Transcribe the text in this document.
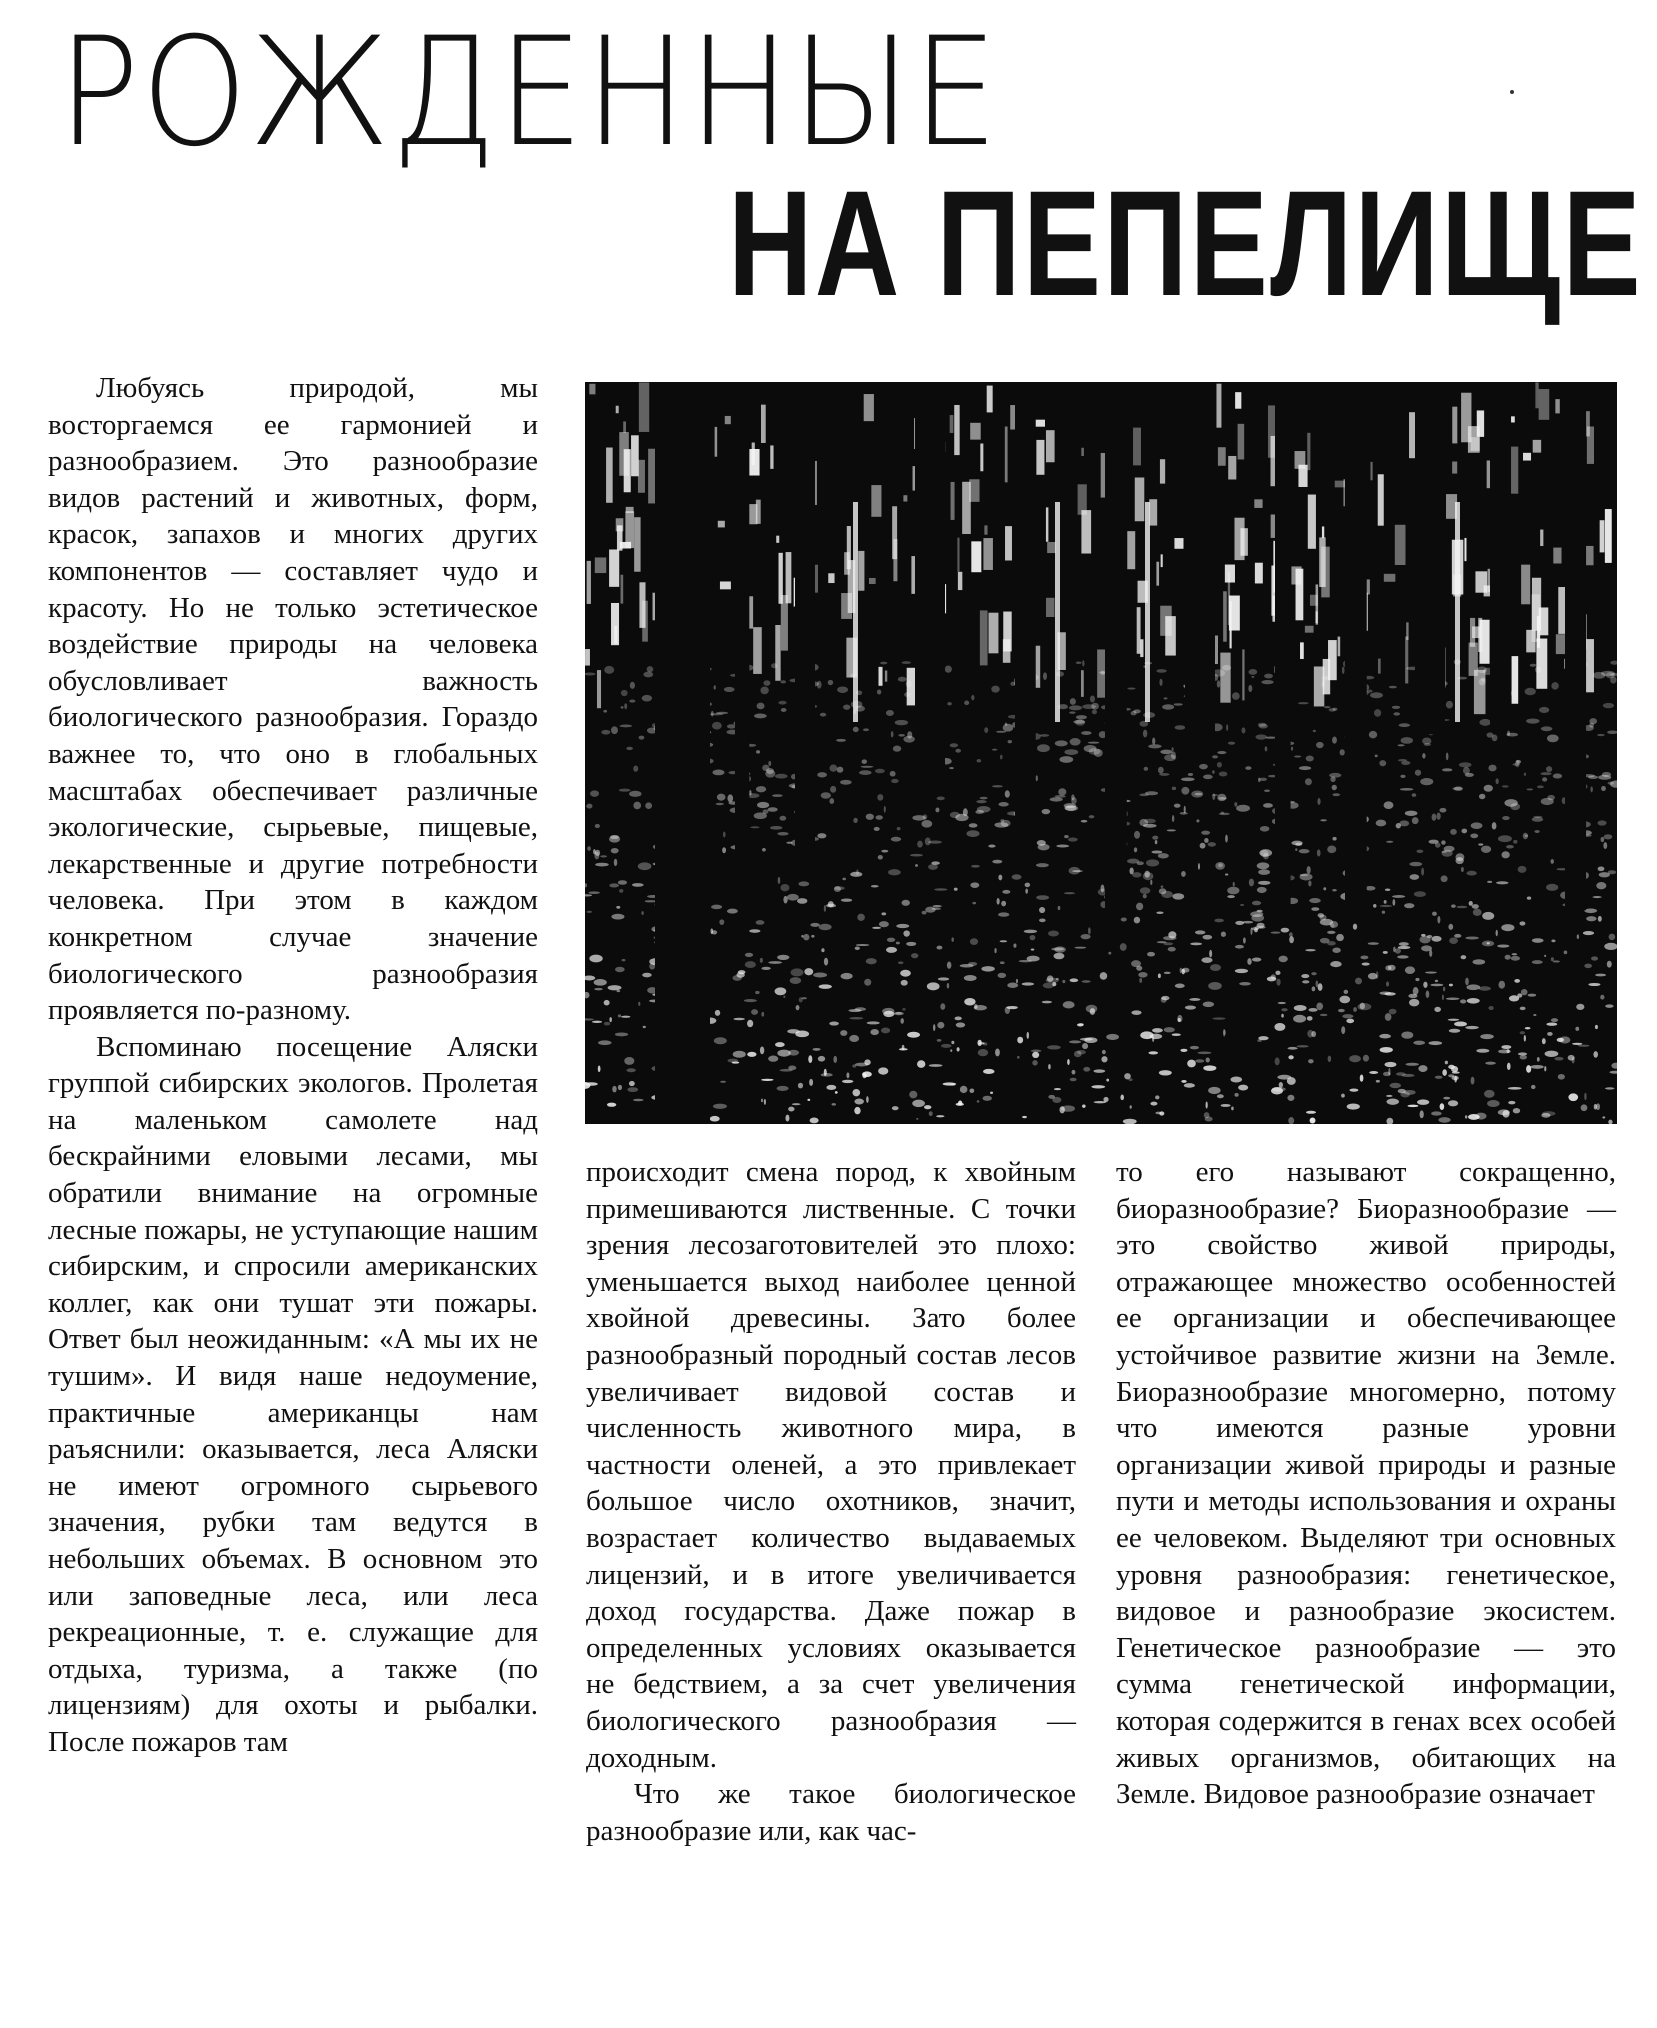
РОЖДЕННЫЕ
НА ПЕПЕЛИЩЕ

Любуясь природой, мы восторгаемся ее гармонией и разнообразием. Это разнообразие видов растений и животных, форм, красок, запахов и многих других компонентов — составляет чудо и красоту. Но не только эстетическое воздействие природы на человека обусловливает важность биологического разнообразия. Гораздо важнее то, что оно в глобальных масштабах обеспечивает различные экологические, сырьевые, пищевые, лекарственные и другие потребности человека. При этом в каждом конкретном случае значение биологического разнообразия проявляется по-разному.

Вспоминаю посещение Аляски группой сибирских экологов. Пролетая на маленьком самолете над бескрайними еловыми лесами, мы обратили внимание на огромные лесные пожары, не уступающие нашим сибирским, и спросили американских коллег, как они тушат эти пожары. Ответ был неожиданным: «А мы их не тушим». И видя наше недоумение, практичные американцы нам раъяснили: оказывается, леса Аляски не имеют огромного сырьевого значения, рубки там ведутся в небольших объемах. В основном это или заповедные леса, или леса рекреационные, т. е. служащие для отдыха, туризма, а также (по лицензиям) для охоты и рыбалки. После пожаров там

происходит смена пород, к хвойным примешиваются лиственные. С точки зрения лесозаготовителей это плохо: уменьшается выход наиболее ценной хвойной древесины. Зато более разнообразный породный состав лесов увеличивает видовой состав и численность животного мира, в частности оленей, а это привлекает большое число охотников, значит, возрастает количество выдаваемых лицензий, и в итоге увеличивается доход государства. Даже пожар в определенных условиях оказывается не бедствием, а за счет увеличения биологического разнообразия — доходным.

Что же такое биологическое разнообразие или, как час-

то его называют сокращенно, биоразнообразие? Биоразнообразие — это свойство живой природы, отражающее множество особенностей ее организации и обеспечивающее устойчивое развитие жизни на Земле. Биоразнообразие многомерно, потому что имеются разные уровни организации живой природы и разные пути и методы использования и охраны ее человеком. Выделяют три основных уровня разнообразия: генетическое, видовое и разнообразие экосистем. Генетическое разнообразие — это сумма генетической информации, которая содержится в генах всех особей живых организмов, обитающих на Земле. Видовое разнообразие означает
